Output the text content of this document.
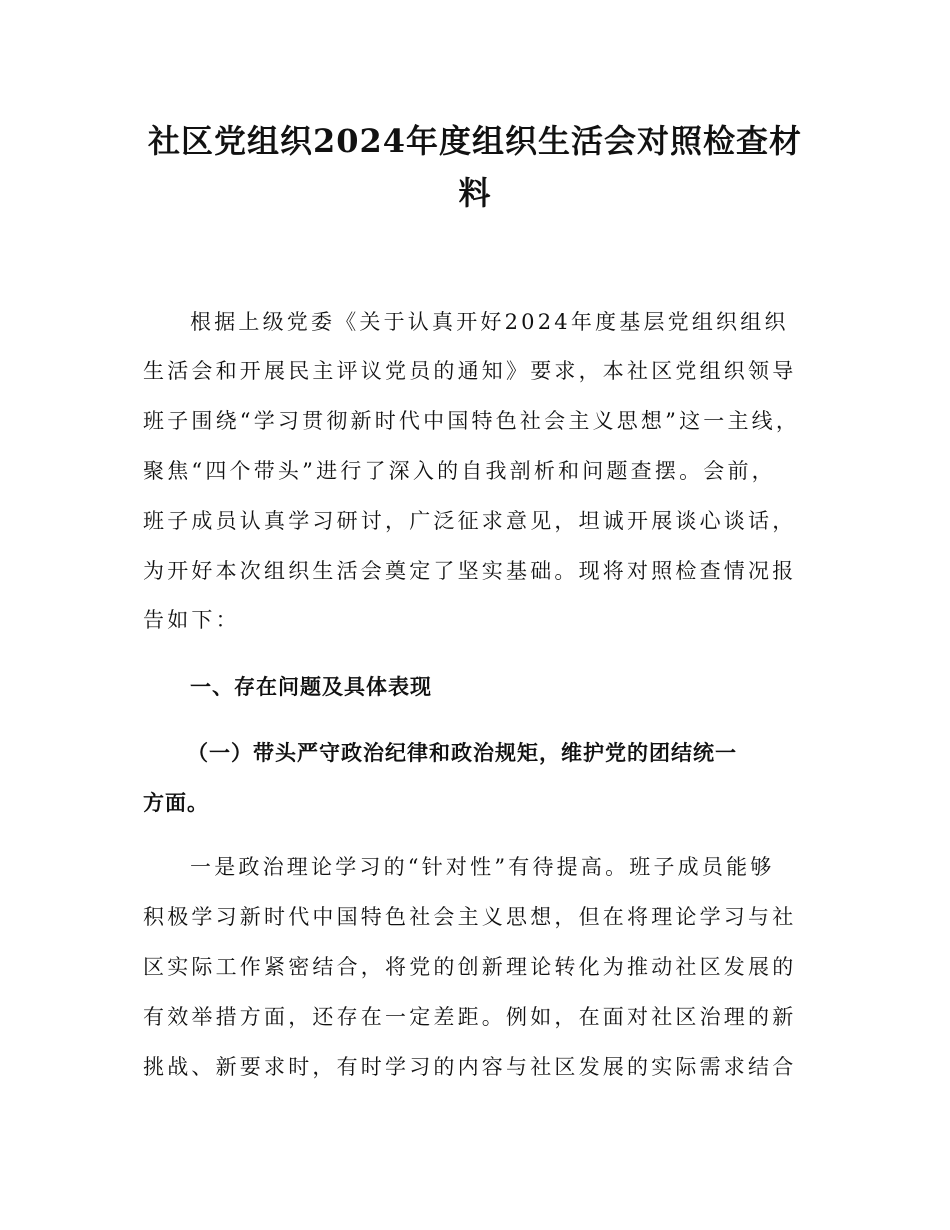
社区党组织2024年度组织生活会对照检查材
料

根据上级党委《关于认真开好2024年度基层党组织组织

生活会和开展民主评议党员的通知》要求，本社区党组织领导

班子围绕“学习贯彻新时代中国特色社会主义思想”这一主线，

聚焦“四个带头”进行了深入的自我剖析和问题查摆。会前，

班子成员认真学习研讨，广泛征求意见，坦诚开展谈心谈话，

为开好本次组织生活会奠定了坚实基础。现将对照检查情况报

告如下：

一、存在问题及具体表现
（一）带头严守政治纪律和政治规矩，维护党的团结统一
方面。

一是政治理论学习的“针对性”有待提高。班子成员能够

积极学习新时代中国特色社会主义思想，但在将理论学习与社

区实际工作紧密结合，将党的创新理论转化为推动社区发展的

有效举措方面，还存在一定差距。例如，在面对社区治理的新

挑战、新要求时，有时学习的内容与社区发展的实际需求结合
